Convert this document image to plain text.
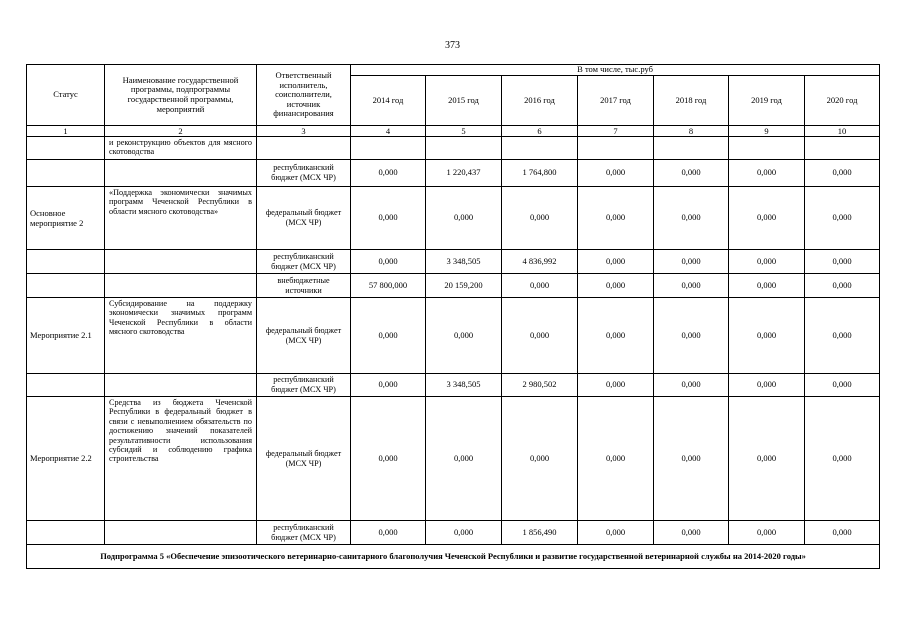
373
Статус	Наименование государственной программы, подпрограммы государственной программы, мероприятий	Ответственный исполнитель, соисполнители, источник финансирования	В том числе, тыс.руб						
			2014 год	2015 год	2016 год	2017 год	2018 год	2019 год	2020 год
1	2	3	4	5	6	7	8	9	10
	и реконструкцию объектов для мясного скотоводства								
		республиканский бюджет (МСХ ЧР)	0,000	1 220,437	1 764,800	0,000	0,000	0,000	0,000
Основное мероприятие 2	«Поддержка экономически значимых программ Чеченской Республики в области мясного скотоводства»	федеральный бюджет (МСХ ЧР)	0,000	0,000	0,000	0,000	0,000	0,000	0,000
		республиканский бюджет (МСХ ЧР)	0,000	3 348,505	4 836,992	0,000	0,000	0,000	0,000
		внебюджетные источники	57 800,000	20 159,200	0,000	0,000	0,000	0,000	0,000
Мероприятие 2.1	Субсидирование на поддержку экономически значимых программ Чеченской Республики в области мясного скотоводства	федеральный бюджет (МСХ ЧР)	0,000	0,000	0,000	0,000	0,000	0,000	0,000
		республиканский бюджет (МСХ ЧР)	0,000	3 348,505	2 980,502	0,000	0,000	0,000	0,000
Мероприятие 2.2	Средства из бюджета Чеченской Республики в федеральный бюджет в связи с невыполнением обязательств по достижению значений показателей результативности использования субсидий и соблюдению графика строительства	федеральный бюджет (МСХ ЧР)	0,000	0,000	0,000	0,000	0,000	0,000	0,000
		республиканский бюджет (МСХ ЧР)	0,000	0,000	1 856,490	0,000	0,000	0,000	0,000
Подпрограмма 5 «Обеспечение эпизоотического ветеринарно-санитарного благополучия Чеченской Республики и развитие государственной ветеринарной службы на 2014-2020 годы»									
